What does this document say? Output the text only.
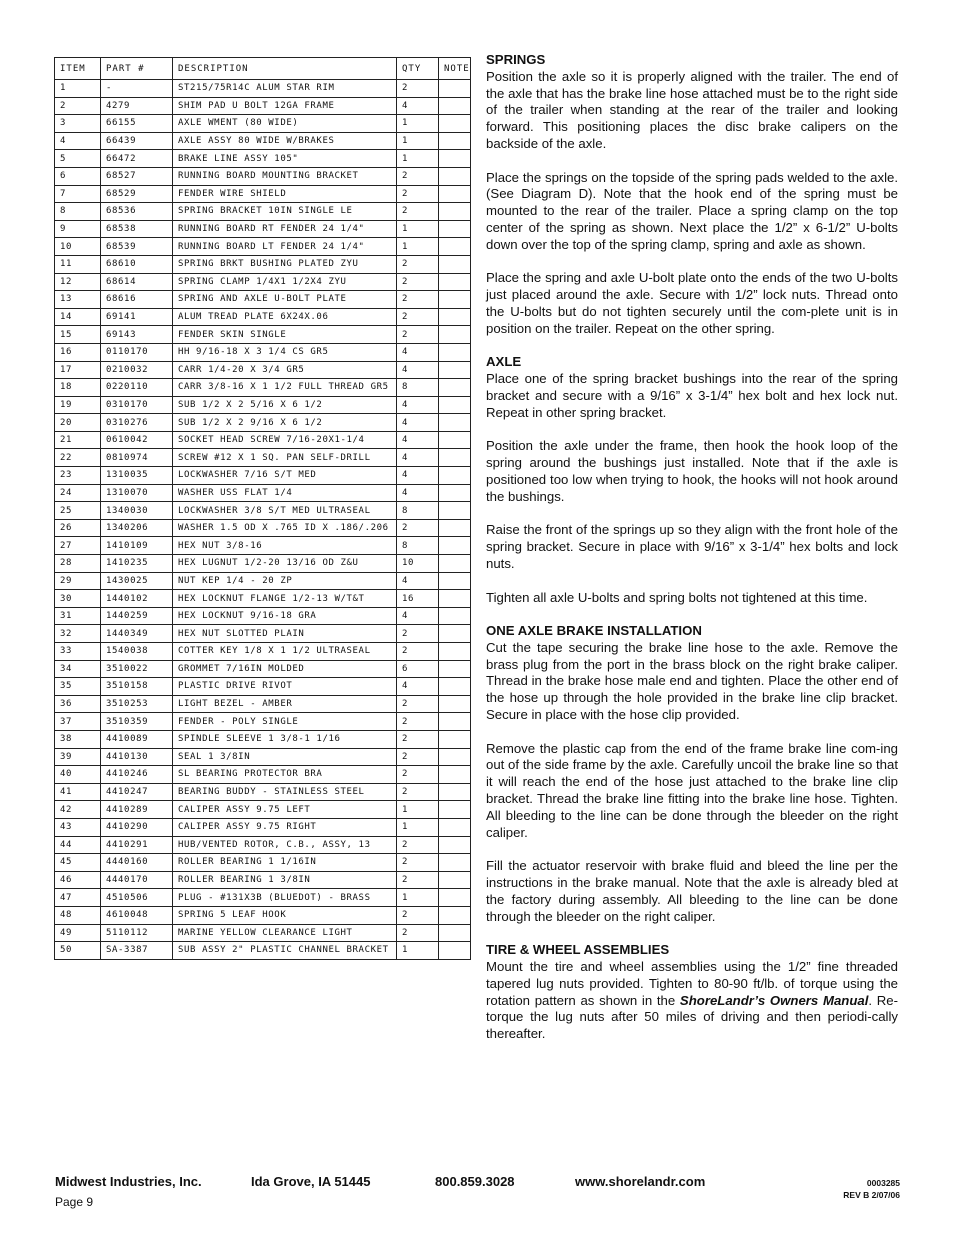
ITEM	PART #	DESCRIPTION	QTY	NOTE
1	-	ST215/75R14C ALUM STAR RIM	2	
2	4279	SHIM PAD U BOLT 12GA FRAME	4	
3	66155	AXLE WMENT (80 WIDE)	1	
4	66439	AXLE ASSY 80 WIDE W/BRAKES	1	
5	66472	BRAKE LINE ASSY 105"	1	
6	68527	RUNNING BOARD MOUNTING BRACKET	2	
7	68529	FENDER WIRE SHIELD	2	
8	68536	SPRING BRACKET 10IN SINGLE LE	2	
9	68538	RUNNING BOARD RT FENDER 24 1/4"	1	
10	68539	RUNNING BOARD LT FENDER 24 1/4"	1	
11	68610	SPRING BRKT BUSHING PLATED ZYU	2	
12	68614	SPRING CLAMP 1/4X1 1/2X4 ZYU	2	
13	68616	SPRING AND AXLE U-BOLT PLATE	2	
14	69141	ALUM TREAD PLATE 6X24X.06	2	
15	69143	FENDER SKIN SINGLE	2	
16	0110170	HH 9/16-18 X 3 1/4 CS GR5	4	
17	0210032	CARR 1/4-20 X 3/4 GR5	4	
18	0220110	CARR 3/8-16 X 1 1/2 FULL THREAD GR5	8	
19	0310170	SUB 1/2 X 2 5/16 X 6 1/2	4	
20	0310276	SUB 1/2 X 2 9/16 X 6 1/2	4	
21	0610042	SOCKET HEAD SCREW 7/16-20X1-1/4	4	
22	0810974	SCREW #12 X 1 SQ. PAN SELF-DRILL	4	
23	1310035	LOCKWASHER 7/16 S/T MED	4	
24	1310070	WASHER USS FLAT 1/4	4	
25	1340030	LOCKWASHER 3/8 S/T MED ULTRASEAL	8	
26	1340206	WASHER 1.5 OD X .765 ID X .186/.206	2	
27	1410109	HEX NUT 3/8-16	8	
28	1410235	HEX LUGNUT 1/2-20 13/16 OD Z&U	10	
29	1430025	NUT KEP 1/4 - 20 ZP	4	
30	1440102	HEX LOCKNUT FLANGE 1/2-13 W/T&T	16	
31	1440259	HEX LOCKNUT 9/16-18 GRA	4	
32	1440349	HEX NUT SLOTTED PLAIN	2	
33	1540038	COTTER KEY 1/8 X 1 1/2 ULTRASEAL	2	
34	3510022	GROMMET 7/16IN MOLDED	6	
35	3510158	PLASTIC DRIVE RIVOT	4	
36	3510253	LIGHT BEZEL - AMBER	2	
37	3510359	FENDER - POLY SINGLE	2	
38	4410089	SPINDLE SLEEVE 1 3/8-1 1/16	2	
39	4410130	SEAL 1 3/8IN	2	
40	4410246	SL BEARING PROTECTOR BRA	2	
41	4410247	BEARING BUDDY - STAINLESS STEEL	2	
42	4410289	CALIPER ASSY 9.75 LEFT	1	
43	4410290	CALIPER ASSY 9.75 RIGHT	1	
44	4410291	HUB/VENTED ROTOR, C.B., ASSY, 13	2	
45	4440160	ROLLER BEARING 1 1/16IN	2	
46	4440170	ROLLER BEARING 1 3/8IN	2	
47	4510506	PLUG - #131X3B (BLUEDOT) - BRASS	1	
48	4610048	SPRING 5 LEAF HOOK	2	
49	5110112	MARINE YELLOW CLEARANCE LIGHT	2	
50	SA-3387	SUB ASSY 2" PLASTIC CHANNEL BRACKET	1	
SPRINGS

Position the axle so it is properly aligned with the trailer. The end of the axle that has the brake line hose attached must be to the right side of the trailer when standing at the rear of the trailer and looking forward. This positioning places the disc brake calipers on the backside of the axle.

Place the springs on the topside of the spring pads welded to the axle. (See Diagram D). Note that the hook end of the spring must be mounted to the rear of the trailer. Place a spring clamp on the top center of the spring as shown. Next place the 1/2” x 6-1/2” U-bolts down over the top of the spring clamp, spring and axle as shown.

Place the spring and axle U-bolt plate onto the ends of the two U-bolts just placed around the axle. Secure with 1/2” lock nuts. Thread onto the U-bolts but do not tighten securely until the com-plete unit is in position on the trailer. Repeat on the other spring.

AXLE

Place one of the spring bracket bushings into the rear of the spring bracket and secure with a 9/16” x 3-1/4” hex bolt and hex lock nut. Repeat in other spring bracket.

Position the axle under the frame, then hook the hook loop of the spring around the bushings just installed. Note that if the axle is positioned too low when trying to hook, the hooks will not hook around the bushings.

Raise the front of the springs up so they align with the front hole of the spring bracket. Secure in place with 9/16” x 3-1/4” hex bolts and lock nuts.

Tighten all axle U-bolts and spring bolts not tightened at this time.

ONE AXLE BRAKE INSTALLATION

Cut the tape securing the brake line hose to the axle. Remove the brass plug from the port in the brass block on the right brake caliper. Thread in the brake hose male end and tighten. Place the other end of the hose up through the hole provided in the brake line clip bracket. Secure in place with the hose clip provided.

Remove the plastic cap from the end of the frame brake line com-ing out of the side frame by the axle. Carefully uncoil the brake line so that it will reach the end of the hose just attached to the brake line clip bracket. Thread the brake line fitting into the brake line hose. Tighten. All bleeding to the line can be done through the bleeder on the right caliper.

Fill the actuator reservoir with brake fluid and bleed the line per the instructions in the brake manual. Note that the axle is already bled at the factory during assembly. All bleeding to the line can be done through the bleeder on the right caliper.

TIRE & WHEEL ASSEMBLIES

Mount the tire and wheel assemblies using the 1/2” fine threaded tapered lug nuts provided. Tighten to 80-90 ft/lb. of torque using the rotation pattern as shown in the ShoreLandr’s Owners Manual. Re-torque the lug nuts after 50 miles of driving and then periodi-cally thereafter.

Midwest Industries, Inc.	Ida Grove, IA 51445	800.859.3028	www.shorelandr.com
Page 9
0003285
REV B 2/07/06
